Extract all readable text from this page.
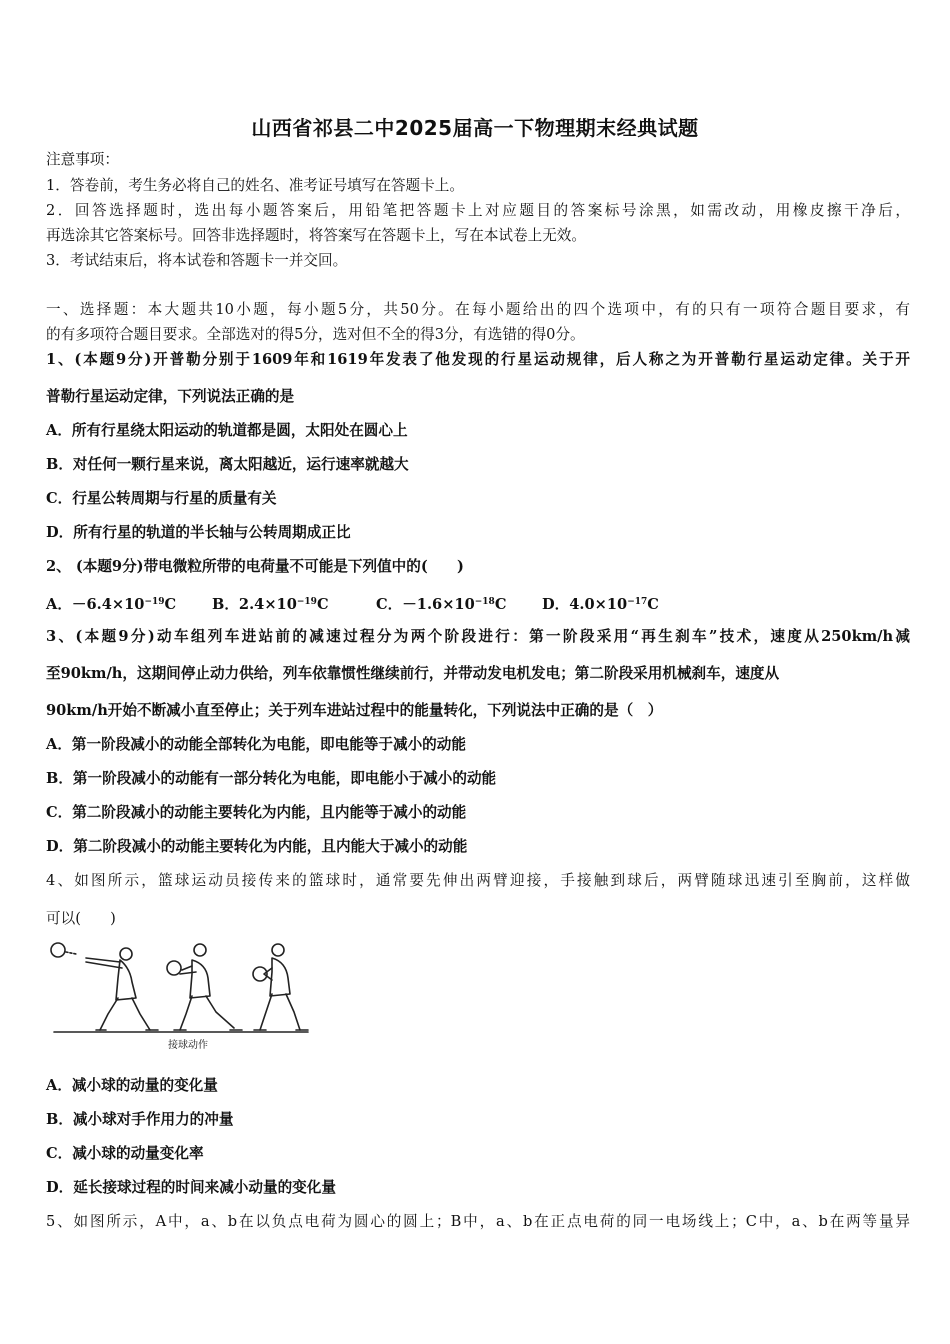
山西省祁县二中2025届高一下物理期末经典试题
注意事项：
1．答卷前，考生务必将自己的姓名、准考证号填写在答题卡上。
2．回答选择题时，选出每小题答案后，用铅笔把答题卡上对应题目的答案标号涂黑，如需改动，用橡皮擦干净后，
再选涂其它答案标号。回答非选择题时，将答案写在答题卡上，写在本试卷上无效。
3．考试结束后，将本试卷和答题卡一并交回。
一、选择题：本大题共10小题，每小题5分，共50分。在每小题给出的四个选项中，有的只有一项符合题目要求，有
的有多项符合题目要求。全部选对的得5分，选对但不全的得3分，有选错的得0分。
1、(本题9分)开普勒分别于1609年和1619年发表了他发现的行星运动规律，后人称之为开普勒行星运动定律。关于开
普勒行星运动定律，下列说法正确的是
A．所有行星绕太阳运动的轨道都是圆，太阳处在圆心上
B．对任何一颗行星来说，离太阳越近，运行速率就越大
C．行星公转周期与行星的质量有关
D．所有行星的轨道的半长轴与公转周期成正比
2、 (本题9分)带电微粒所带的电荷量不可能是下列值中的(　　)
A．$-6.4\times 10^{-19}C$ B．$2.4\times 10^{-19}C$	C．$-1.6\times 10^{-18}C$ D．$4.0\times 10^{-17}C$
3、(本题9分)动车组列车进站前的减速过程分为两个阶段进行：第一阶段采用“再生刹车”技术，速度从250km/h减
至90km/h，这期间停止动力供给，列车依靠惯性继续前行，并带动发电机发电；第二阶段采用机械刹车，速度从
90km/h开始不断减小直至停止；关于列车进站过程中的能量转化，下列说法中正确的是（　）
A．第一阶段减小的动能全部转化为电能，即电能等于减小的动能
B．第一阶段减小的动能有一部分转化为电能，即电能小于减小的动能
C．第二阶段减小的动能主要转化为内能，且内能等于减小的动能
D．第二阶段减小的动能主要转化为内能，且内能大于减小的动能
4、如图所示，篮球运动员接传来的篮球时，通常要先伸出两臂迎接，手接触到球后，两臂随球迅速引至胸前，这样做
可以(　　)
接球动作
A．减小球的动量的变化量
B．减小球对手作用力的冲量
C．减小球的动量变化率
D．延长接球过程的时间来减小动量的变化量
5、如图所示，A中，a、b在以负点电荷为圆心的圆上；B中，a、b在正点电荷的同一电场线上；C中，a、b在两等量异
